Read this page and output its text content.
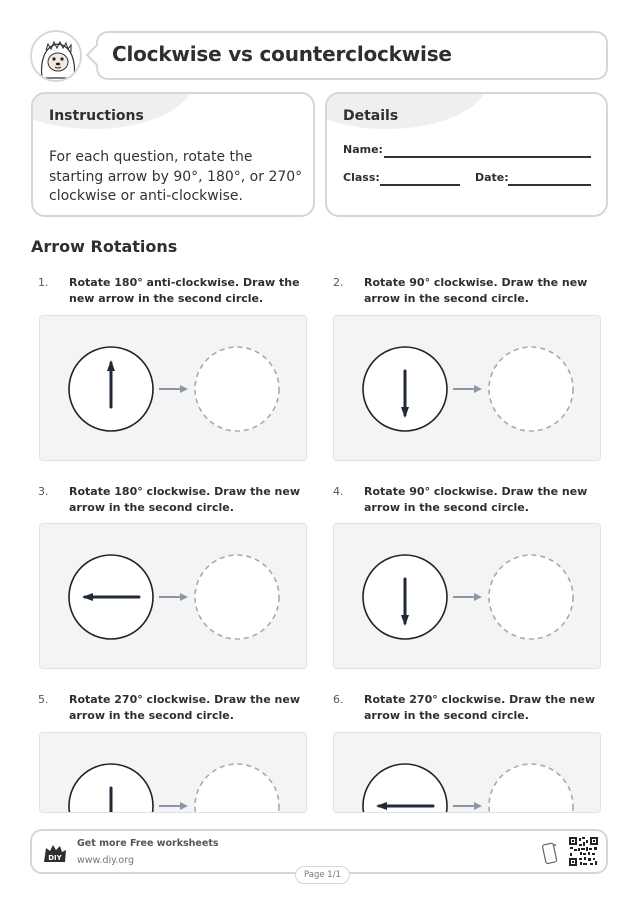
Clockwise vs counterclockwise
Instructions
For each question, rotate the starting arrow by 90°, 180°, or 270° clockwise or anti-clockwise.
Details
Name:
Class:	Date:
Arrow Rotations
1. Rotate 180° anti-clockwise. Draw the new arrow in the second circle.
2. Rotate 90° clockwise. Draw the new arrow in the second circle.
3. Rotate 180° clockwise. Draw the new arrow in the second circle.
4. Rotate 90° clockwise. Draw the new arrow in the second circle.
5. Rotate 270° clockwise. Draw the new arrow in the second circle.
6. Rotate 270° clockwise. Draw the new arrow in the second circle.
DIY
Get more Free worksheets
www.diy.org
Page 1/1
